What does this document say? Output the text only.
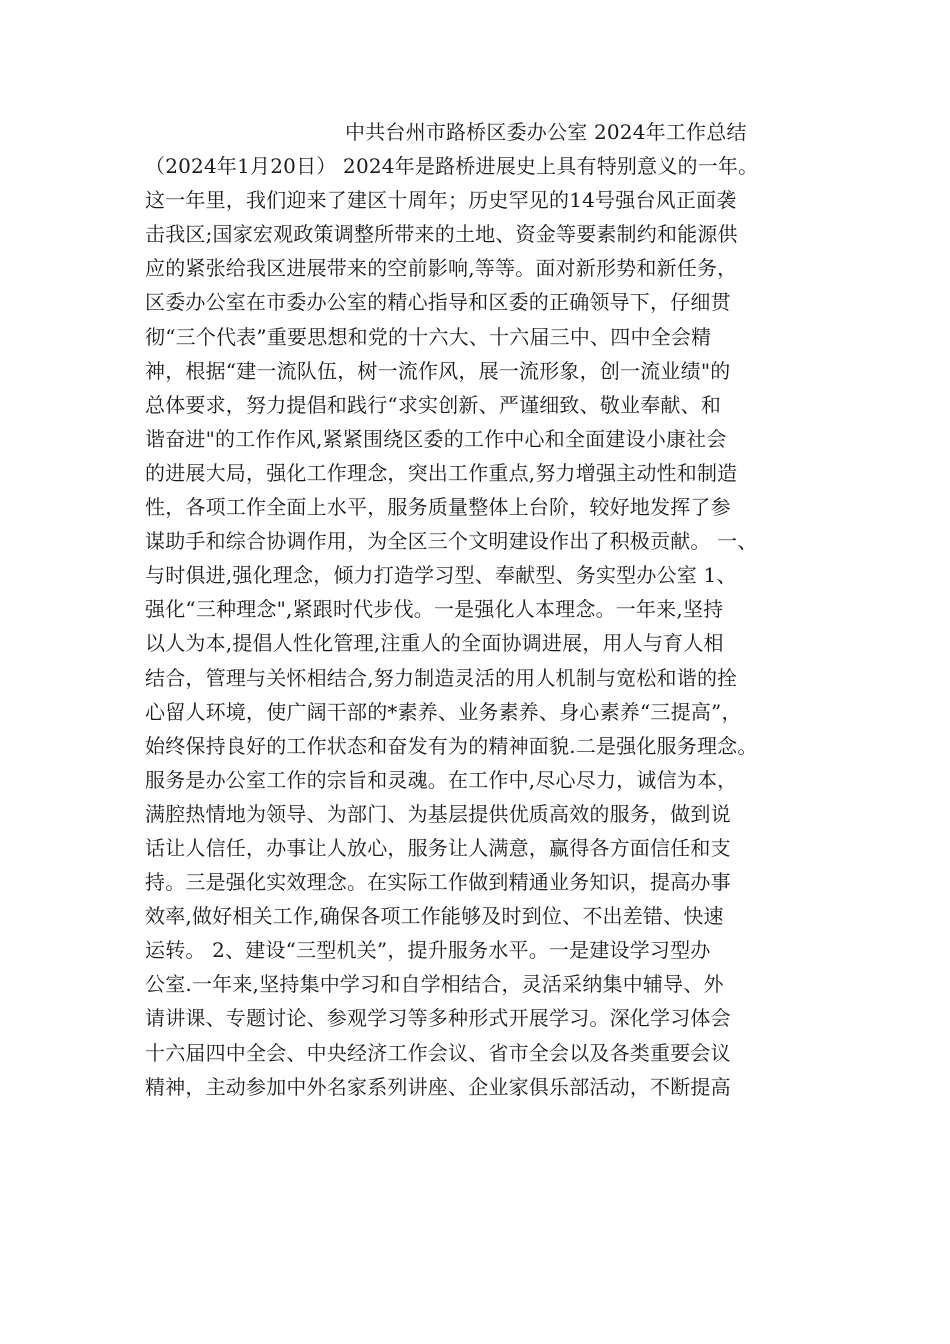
中共台州市路桥区委办公室 2024年工作总结
（2024年1月20日） 2024年是路桥进展史上具有特别意义的一年。
这一年里，我们迎来了建区十周年；历史罕见的14号强台风正面袭
击我区;国家宏观政策调整所带来的土地、资金等要素制约和能源供
应的紧张给我区进展带来的空前影响,等等。面对新形势和新任务，
区委办公室在市委办公室的精心指导和区委的正确领导下，仔细贯
彻“三个代表”重要思想和党的十六大、十六届三中、四中全会精
神，根据“建一流队伍，树一流作风，展一流形象，创一流业绩"的
总体要求，努力提倡和践行“求实创新、严谨细致、敬业奉献、和
谐奋进"的工作作风,紧紧围绕区委的工作中心和全面建设小康社会
的进展大局，强化工作理念，突出工作重点,努力增强主动性和制造
性，各项工作全面上水平，服务质量整体上台阶，较好地发挥了参
谋助手和综合协调作用，为全区三个文明建设作出了积极贡献。 一、
与时俱进,强化理念，倾力打造学习型、奉献型、务实型办公室 1、
强化“三种理念",紧跟时代步伐。一是强化人本理念。一年来,坚持
以人为本,提倡人性化管理,注重人的全面协调进展，用人与育人相
结合，管理与关怀相结合,努力制造灵活的用人机制与宽松和谐的拴
心留人环境，使广阔干部的*素养、业务素养、身心素养“三提高”，
始终保持良好的工作状态和奋发有为的精神面貌.二是强化服务理念。
服务是办公室工作的宗旨和灵魂。在工作中,尽心尽力，诚信为本，
满腔热情地为领导、为部门、为基层提供优质高效的服务，做到说
话让人信任，办事让人放心，服务让人满意，赢得各方面信任和支
持。三是强化实效理念。在实际工作做到精通业务知识，提高办事
效率,做好相关工作,确保各项工作能够及时到位、不出差错、快速
运转。 2、建设“三型机关”，提升服务水平。一是建设学习型办
公室.一年来,坚持集中学习和自学相结合，灵活采纳集中辅导、外
请讲课、专题讨论、参观学习等多种形式开展学习。深化学习体会
十六届四中全会、中央经济工作会议、省市全会以及各类重要会议
精神，主动参加中外名家系列讲座、企业家俱乐部活动，不断提高
